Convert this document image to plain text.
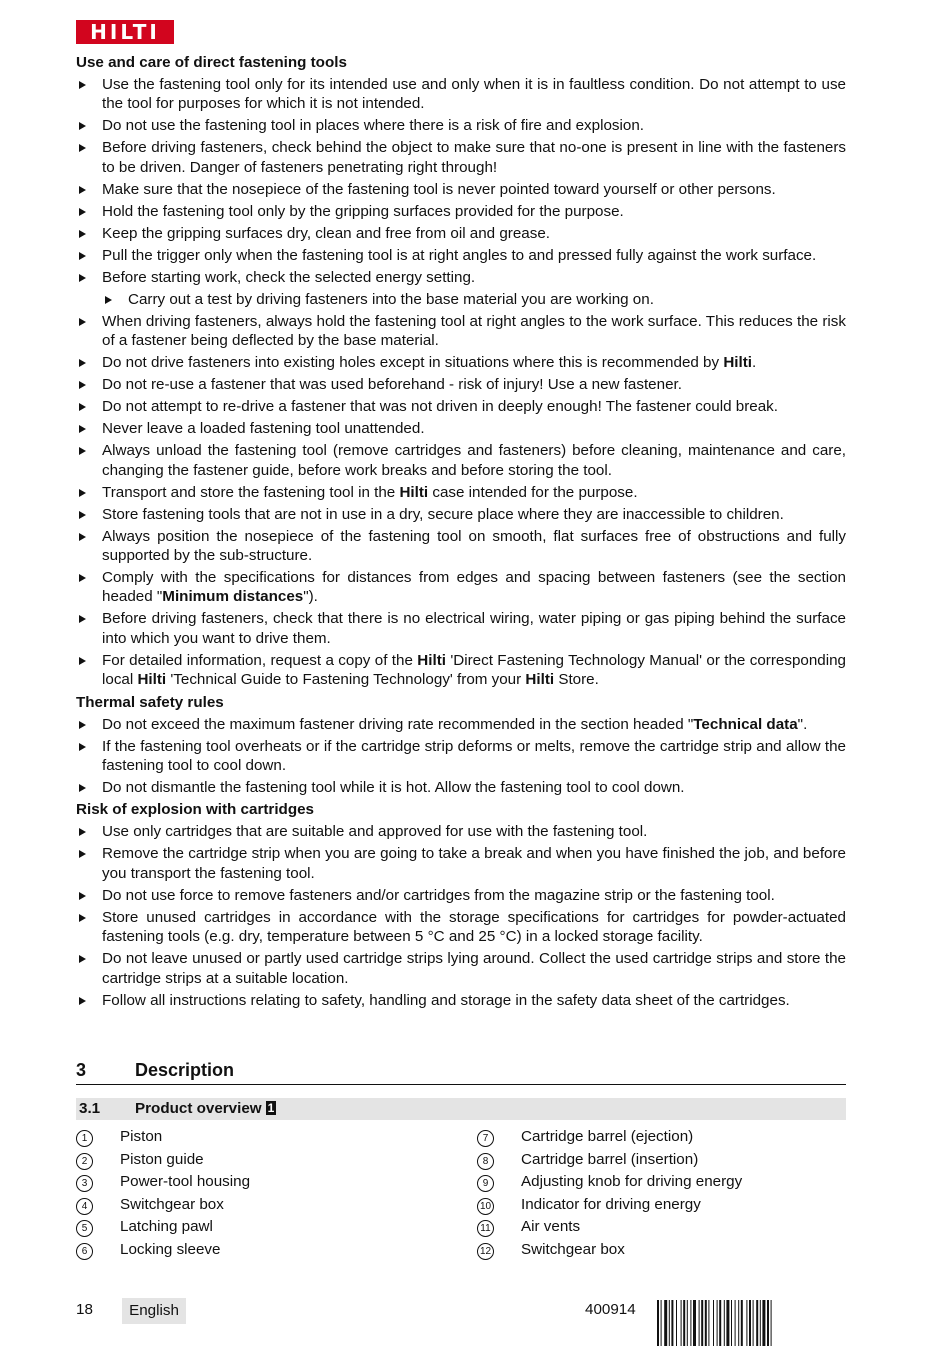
HILTI
Use and care of direct fastening tools
Use the fastening tool only for its intended use and only when it is in faultless condition. Do not attempt to use the tool for purposes for which it is not intended.
Do not use the fastening tool in places where there is a risk of fire and explosion.
Before driving fasteners, check behind the object to make sure that no-one is present in line with the fasteners to be driven. Danger of fasteners penetrating right through!
Make sure that the nosepiece of the fastening tool is never pointed toward yourself or other persons.
Hold the fastening tool only by the gripping surfaces provided for the purpose.
Keep the gripping surfaces dry, clean and free from oil and grease.
Pull the trigger only when the fastening tool is at right angles to and pressed fully against the work surface.
Before starting work, check the selected energy setting.
Carry out a test by driving fasteners into the base material you are working on.
When driving fasteners, always hold the fastening tool at right angles to the work surface. This reduces the risk of a fastener being deflected by the base material.
Do not drive fasteners into existing holes except in situations where this is recommended by Hilti.
Do not re-use a fastener that was used beforehand - risk of injury! Use a new fastener.
Do not attempt to re-drive a fastener that was not driven in deeply enough! The fastener could break.
Never leave a loaded fastening tool unattended.
Always unload the fastening tool (remove cartridges and fasteners) before cleaning, maintenance and care, changing the fastener guide, before work breaks and before storing the tool.
Transport and store the fastening tool in the Hilti case intended for the purpose.
Store fastening tools that are not in use in a dry, secure place where they are inaccessible to children.
Always position the nosepiece of the fastening tool on smooth, flat surfaces free of obstructions and fully supported by the sub-structure.
Comply with the specifications for distances from edges and spacing between fasteners (see the section headed "Minimum distances").
Before driving fasteners, check that there is no electrical wiring, water piping or gas piping behind the surface into which you want to drive them.
For detailed information, request a copy of the Hilti 'Direct Fastening Technology Manual' or the corresponding local Hilti 'Technical Guide to Fastening Technology' from your Hilti Store.
Thermal safety rules
Do not exceed the maximum fastener driving rate recommended in the section headed "Technical data".
If the fastening tool overheats or if the cartridge strip deforms or melts, remove the cartridge strip and allow the fastening tool to cool down.
Do not dismantle the fastening tool while it is hot. Allow the fastening tool to cool down.
Risk of explosion with cartridges
Use only cartridges that are suitable and approved for use with the fastening tool.
Remove the cartridge strip when you are going to take a break and when you have finished the job, and before you transport the fastening tool.
Do not use force to remove fasteners and/or cartridges from the magazine strip or the fastening tool.
Store unused cartridges in accordance with the storage specifications for cartridges for powder-actuated fastening tools (e.g. dry, temperature between 5 °C and 25 °C) in a locked storage facility.
Do not leave unused or partly used cartridge strips lying around. Collect the used cartridge strips and store the cartridge strips at a suitable location.
Follow all instructions relating to safety, handling and storage in the safety data sheet of the cartridges.
3	Description
3.1 Product overview 1
1	Piston
2	Piston guide
3	Power-tool housing
4	Switchgear box
5	Latching pawl
6	Locking sleeve
7	Cartridge barrel (ejection)
8	Cartridge barrel (insertion)
9	Adjusting knob for driving energy
10 Indicator for driving energy
11 Air vents
12 Switchgear box
18	English	400914
